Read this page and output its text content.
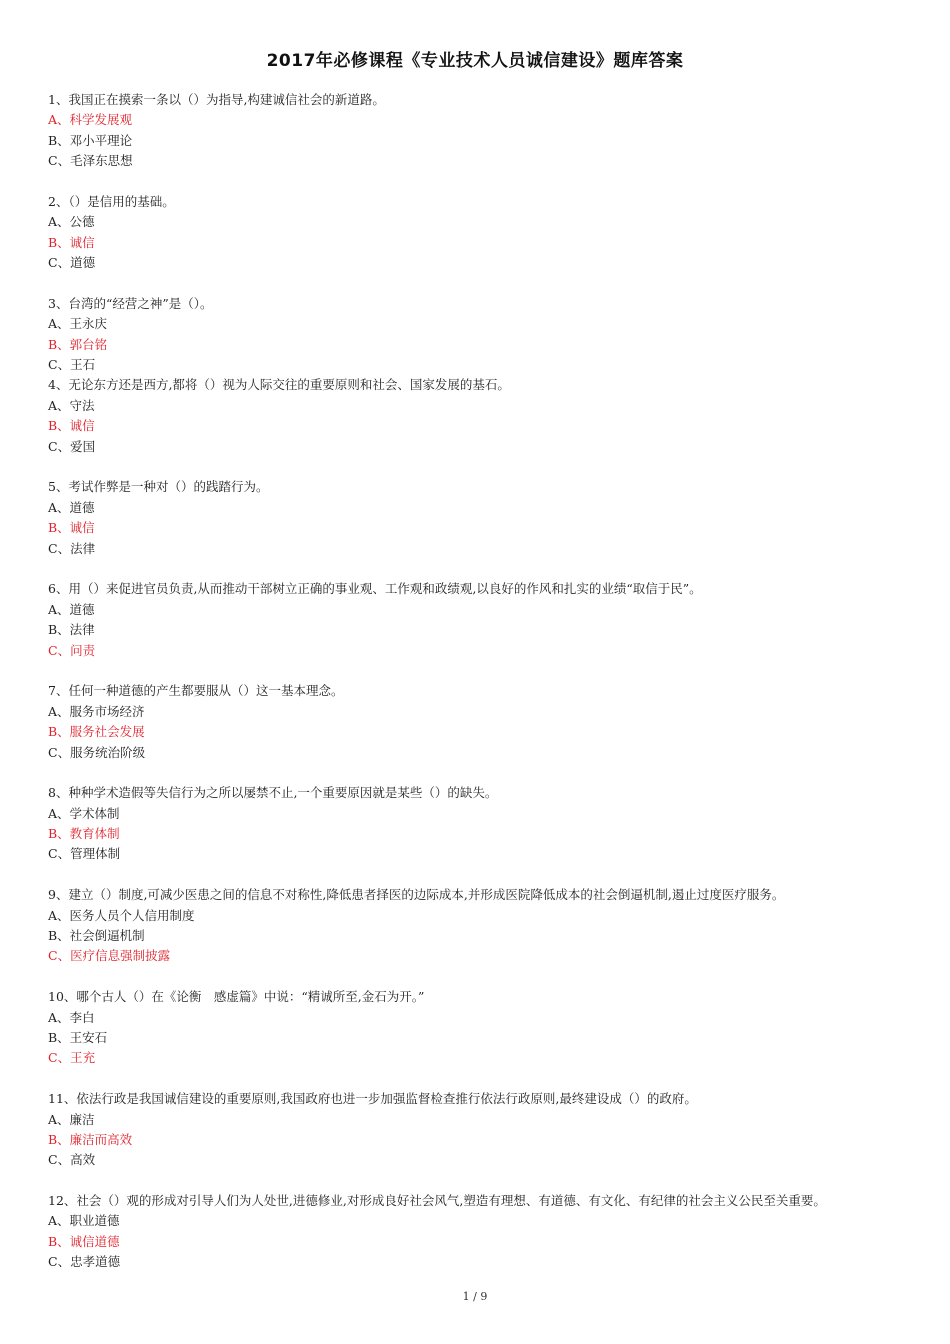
2017年必修课程《专业技术人员诚信建设》题库答案
1、我国正在摸索一条以（）为指导,构建诚信社会的新道路。
A、科学发展观
B、邓小平理论
C、毛泽东思想
2、（）是信用的基础。
A、公德
B、诚信
C、道德
3、台湾的“经营之神”是（）。
A、王永庆
B、郭台铭
C、王石
4、无论东方还是西方,都将（）视为人际交往的重要原则和社会、国家发展的基石。
A、守法
B、诚信
C、爱国
5、考试作弊是一种对（）的践踏行为。
A、道德
B、诚信
C、法律
6、用（）来促进官员负责,从而推动干部树立正确的事业观、工作观和政绩观,以良好的作风和扎实的业绩“取信于民”。
A、道德
B、法律
C、问责
7、任何一种道德的产生都要服从（）这一基本理念。
A、服务市场经济
B、服务社会发展
C、服务统治阶级
8、种种学术造假等失信行为之所以屡禁不止,一个重要原因就是某些（）的缺失。
A、学术体制
B、教育体制
C、管理体制
9、建立（）制度,可减少医患之间的信息不对称性,降低患者择医的边际成本,并形成医院降低成本的社会倒逼机制,遏止过度医疗服务。
A、医务人员个人信用制度
B、社会倒逼机制
C、医疗信息强制披露
10、哪个古人（）在《论衡　感虚篇》中说：“精诚所至,金石为开。”
A、李白
B、王安石
C、王充
11、依法行政是我国诚信建设的重要原则,我国政府也进一步加强监督检查推行依法行政原则,最终建设成（）的政府。
A、廉洁
B、廉洁而高效
C、高效
12、社会（）观的形成对引导人们为人处世,进德修业,对形成良好社会风气,塑造有理想、有道德、有文化、有纪律的社会主义公民至关重要。
A、职业道德
B、诚信道德
C、忠孝道德
1 / 9
